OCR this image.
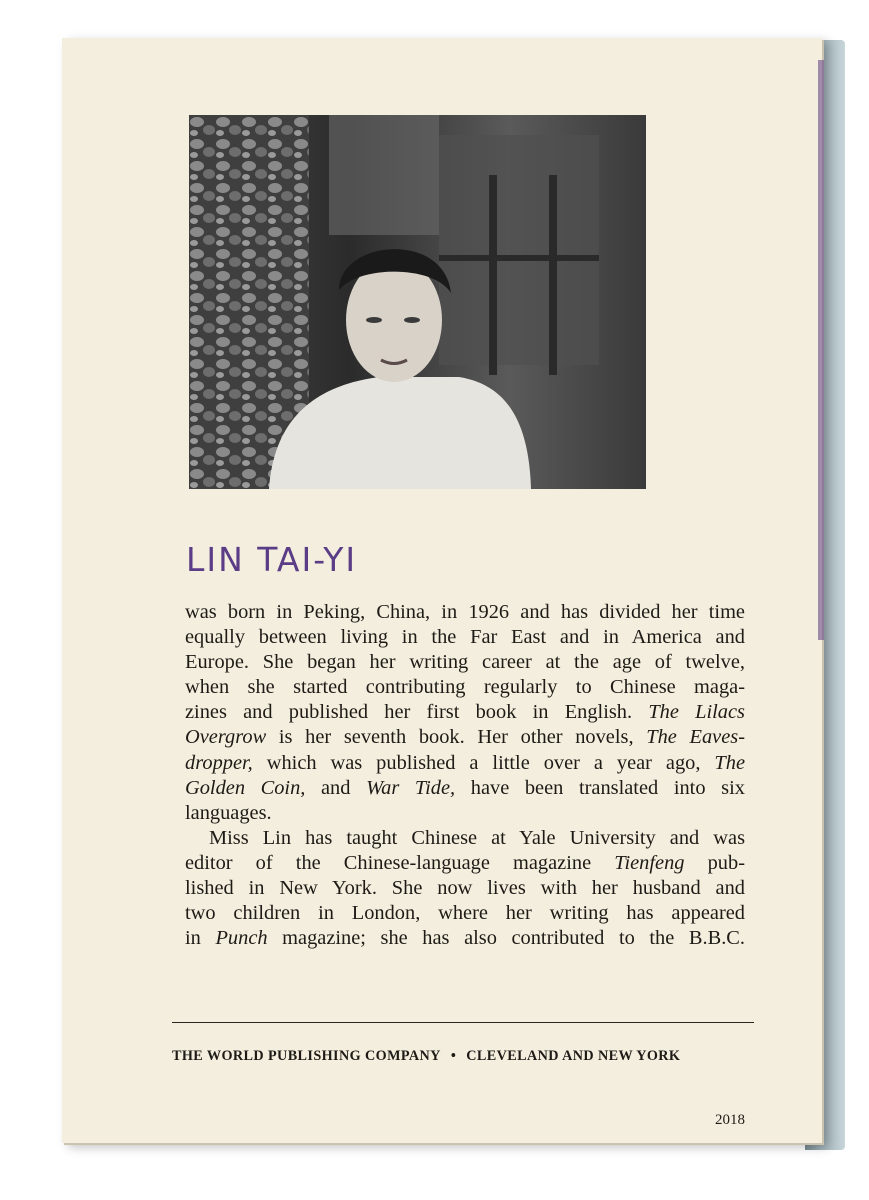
LIN TAI-YI

was born in Peking, China, in 1926 and has divided her time
equally between living in the Far East and in America and
Europe. She began her writing career at the age of twelve,
when she started contributing regularly to Chinese maga-
zines and published her first book in English. The Lilacs
Overgrow is her seventh book. Her other novels, The Eaves-
dropper, which was published a little over a year ago, The
Golden Coin, and War Tide, have been translated into six
languages.

Miss Lin has taught Chinese at Yale University and was
editor of the Chinese-language magazine Tienfeng pub-
lished in New York. She now lives with her husband and
two children in London, where her writing has appeared
in Punch magazine; she has also contributed to the B.B.C.

THE WORLD PUBLISHING COMPANY • CLEVELAND AND NEW YORK
2018
